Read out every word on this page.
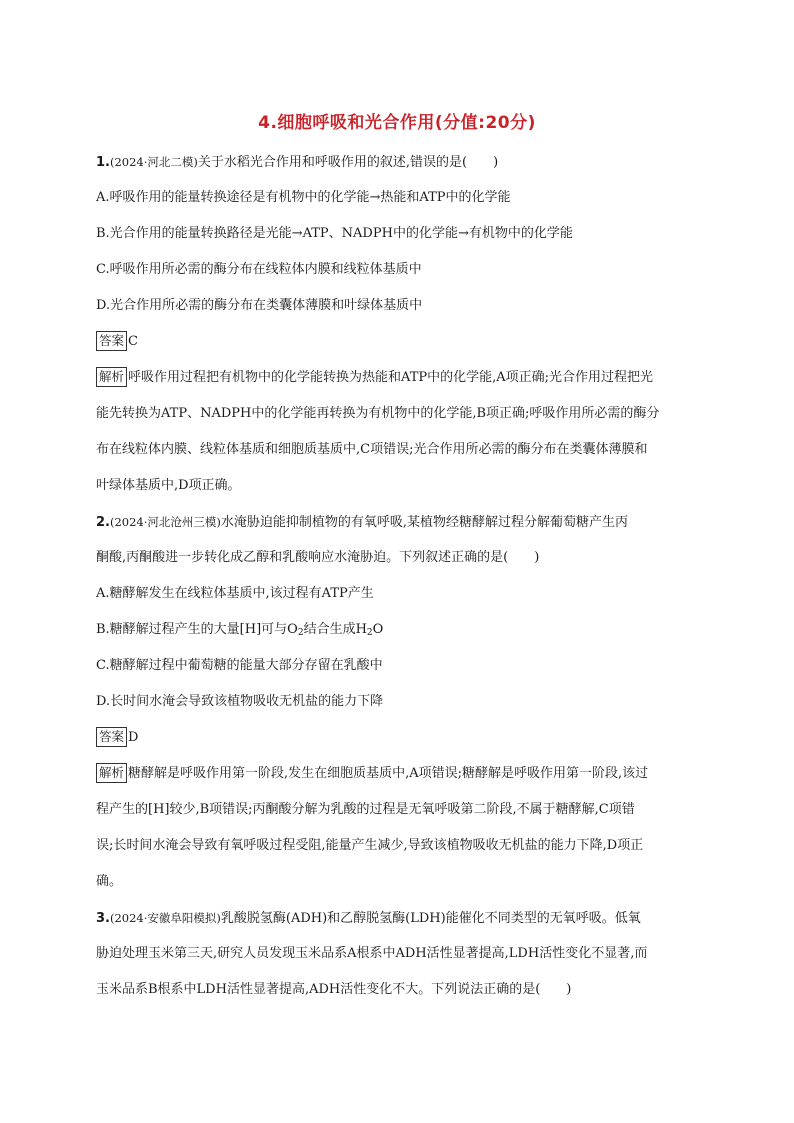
4.细胞呼吸和光合作用(分值:20分)
1.(2024·河北二模)关于水稻光合作用和呼吸作用的叙述,错误的是(　　)
A.呼吸作用的能量转换途径是有机物中的化学能→热能和ATP中的化学能
B.光合作用的能量转换路径是光能→ATP、NADPH中的化学能→有机物中的化学能
C.呼吸作用所必需的酶分布在线粒体内膜和线粒体基质中
D.光合作用所必需的酶分布在类囊体薄膜和叶绿体基质中
答案 C
解析 呼吸作用过程把有机物中的化学能转换为热能和ATP中的化学能,A项正确;光合作用过程把光
能先转换为ATP、NADPH中的化学能再转换为有机物中的化学能,B项正确;呼吸作用所必需的酶分
布在线粒体内膜、线粒体基质和细胞质基质中,C项错误;光合作用所必需的酶分布在类囊体薄膜和
叶绿体基质中,D项正确。
2.(2024·河北沧州三模)水淹胁迫能抑制植物的有氧呼吸,某植物经糖酵解过程分解葡萄糖产生丙
酮酸,丙酮酸进一步转化成乙醇和乳酸响应水淹胁迫。下列叙述正确的是(　　)
A.糖酵解发生在线粒体基质中,该过程有ATP产生
B.糖酵解过程产生的大量[H]可与$O_2$结合生成$H_2O$
C.糖酵解过程中葡萄糖的能量大部分存留在乳酸中
D.长时间水淹会导致该植物吸收无机盐的能力下降
答案 D
解析 糖酵解是呼吸作用第一阶段,发生在细胞质基质中,A项错误;糖酵解是呼吸作用第一阶段,该过
程产生的[H]较少,B项错误;丙酮酸分解为乳酸的过程是无氧呼吸第二阶段,不属于糖酵解,C项错
误;长时间水淹会导致有氧呼吸过程受阻,能量产生减少,导致该植物吸收无机盐的能力下降,D项正
确。
3.(2024·安徽阜阳模拟)乳酸脱氢酶(ADH)和乙醇脱氢酶(LDH)能催化不同类型的无氧呼吸。低氧
胁迫处理玉米第三天,研究人员发现玉米品系A根系中ADH活性显著提高,LDH活性变化不显著,而
玉米品系B根系中LDH活性显著提高,ADH活性变化不大。下列说法正确的是(　　)
